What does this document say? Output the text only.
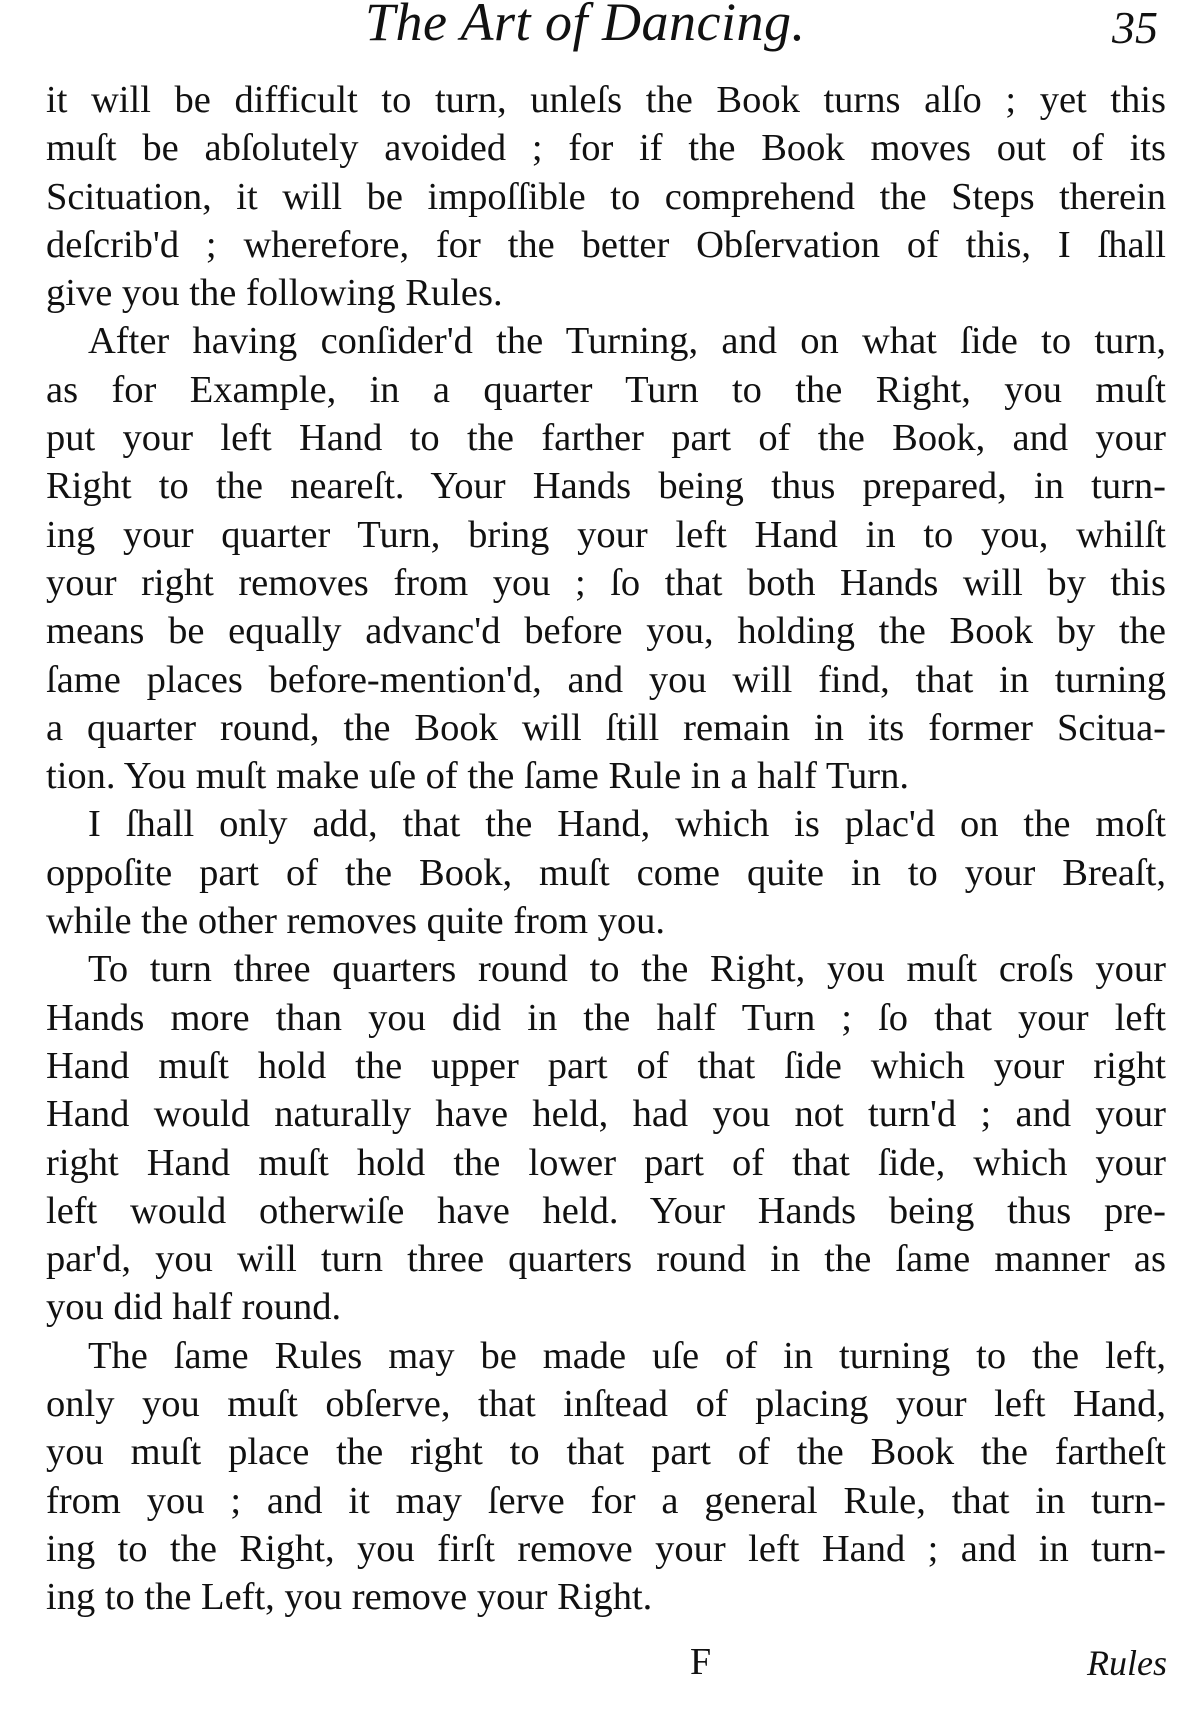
The Art of Dancing.	35

it will be difficult to turn, unleſs the Book turns alſo ; yet this
muſt be abſolutely avoided ; for if the Book moves out of its
Scituation, it will be impoſſible to comprehend the Steps therein
deſcrib'd ; wherefore, for the better Obſervation of this, I ſhall
give you the following Rules.

After having conſider'd the Turning, and on what ſide to turn,
as for Example, in a quarter Turn to the Right, you muſt
put your left Hand to the farther part of the Book, and your
Right to the neareſt. Your Hands being thus prepared, in turn-
ing your quarter Turn, bring your left Hand in to you, whilſt
your right removes from you ; ſo that both Hands will by this
means be equally advanc'd before you, holding the Book by the
ſame places before-mention'd, and you will find, that in turning
a quarter round, the Book will ſtill remain in its former Scitua-
tion. You muſt make uſe of the ſame Rule in a half Turn.

I ſhall only add, that the Hand, which is plac'd on the moſt
oppoſite part of the Book, muſt come quite in to your Breaſt,
while the other removes quite from you.

To turn three quarters round to the Right, you muſt croſs your
Hands more than you did in the half Turn ; ſo that your left
Hand muſt hold the upper part of that ſide which your right
Hand would naturally have held, had you not turn'd ; and your
right Hand muſt hold the lower part of that ſide, which your
left would otherwiſe have held. Your Hands being thus pre-
par'd, you will turn three quarters round in the ſame manner as
you did half round.

The ſame Rules may be made uſe of in turning to the left,
only you muſt obſerve, that inſtead of placing your left Hand,
you muſt place the right to that part of the Book the fartheſt
from you ; and it may ſerve for a general Rule, that in turn-
ing to the Right, you firſt remove your left Hand ; and in turn-
ing to the Left, you remove your Right.

F	Rules
